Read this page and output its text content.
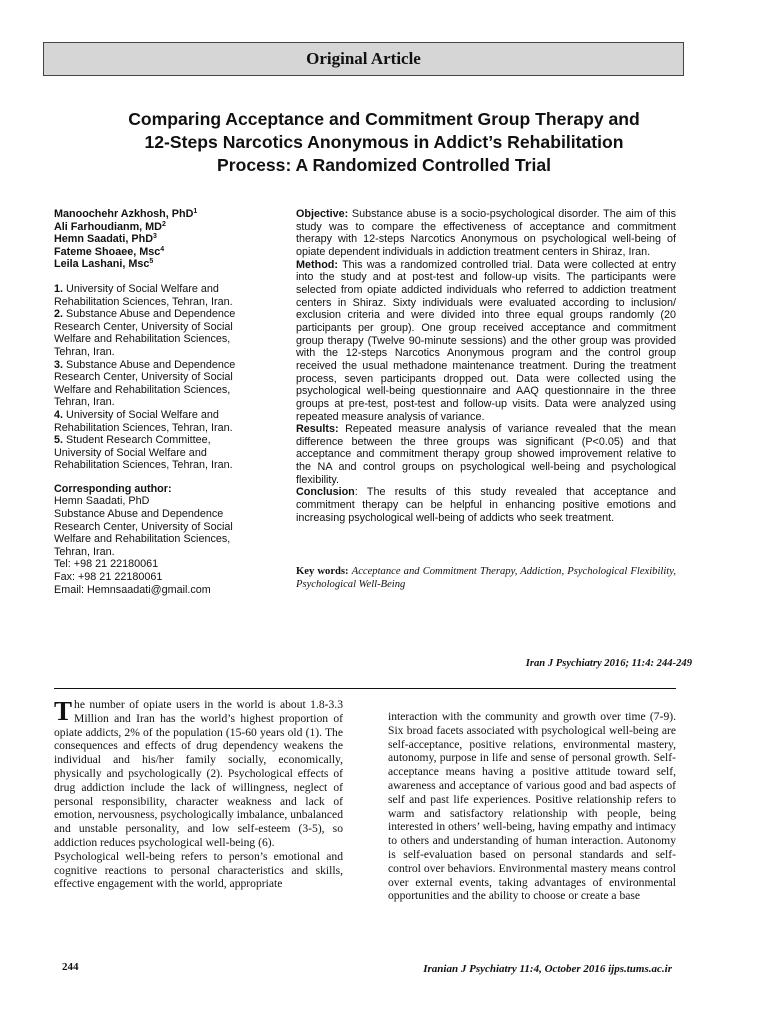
Original Article
Comparing Acceptance and Commitment Group Therapy and
12-Steps Narcotics Anonymous in Addict’s Rehabilitation
Process: A Randomized Controlled Trial
Manoochehr Azkhosh, PhD$^1$
Ali Farhoudianm, $MD^2$
Hemn Saadati, PhD$^3$
Fateme Shoaee, Msc$^4$
Leila Lashani, Msc$^5$
1. University of Social Welfare and Rehabilitation Sciences, Tehran, Iran.
2. Substance Abuse and Dependence Research Center, University of Social Welfare and Rehabilitation Sciences, Tehran, Iran.
3. Substance Abuse and Dependence Research Center, University of Social Welfare and Rehabilitation Sciences, Tehran, Iran.
4. University of Social Welfare and Rehabilitation Sciences, Tehran, Iran.
5. Student Research Committee, University of Social Welfare and Rehabilitation Sciences, Tehran, Iran.
Corresponding author:
Hemn Saadati, PhD
Substance Abuse and Dependence Research Center, University of Social Welfare and Rehabilitation Sciences, Tehran, Iran.
Tel: +98 21 22180061
Fax: +98 21 22180061
Email: Hemnsaadati@gmail.com
Objective: Substance abuse is a socio-psychological disorder. The aim of this study was to compare the effectiveness of acceptance and commitment therapy with 12-steps Narcotics Anonymous on psychological well-being of opiate dependent individuals in addiction treatment centers in Shiraz, Iran.
Method: This was a randomized controlled trial. Data were collected at entry into the study and at post-test and follow-up visits. The participants were selected from opiate addicted individuals who referred to addiction treatment centers in Shiraz. Sixty individuals were evaluated according to inclusion/ exclusion criteria and were divided into three equal groups randomly (20 participants per group). One group received acceptance and commitment group therapy (Twelve 90-minute sessions) and the other group was provided with the 12-steps Narcotics Anonymous program and the control group received the usual methadone maintenance treatment. During the treatment process, seven participants dropped out. Data were collected using the psychological well-being questionnaire and AAQ questionnaire in the three groups at pre-test, post-test and follow-up visits. Data were analyzed using repeated measure analysis of variance.
Results: Repeated measure analysis of variance revealed that the mean difference between the three groups was significant (P<0.05) and that acceptance and commitment therapy group showed improvement relative to the NA and control groups on psychological well-being and psychological flexibility.
Conclusion: The results of this study revealed that acceptance and commitment therapy can be helpful in enhancing positive emotions and increasing psychological well-being of addicts who seek treatment.
Key words: Acceptance and Commitment Therapy, Addiction, Psychological Flexibility, Psychological Well-Being
Iran J Psychiatry 2016; 11:4: 244-249

The number of opiate users in the world is about 1.8-3.3 Million and Iran has the world’s highest proportion of opiate addicts, 2% of the population (15-60 years old (1). The consequences and effects of drug dependency weakens the individual and his/her family socially, economically, physically and psychologically (2). Psychological effects of drug addiction include the lack of willingness, neglect of personal responsibility, character weakness and lack of emotion, nervousness, psychologically imbalance, unbalanced and unstable personality, and low self-esteem (3-5), so addiction reduces psychological well-being (6).

Psychological well-being refers to person’s emotional and cognitive reactions to personal characteristics and skills, effective engagement with the world, appropriate

interaction with the community and growth over time (7-9). Six broad facets associated with psychological well-being are self-acceptance, positive relations, environmental mastery, autonomy, purpose in life and sense of personal growth. Self-acceptance means having a positive attitude toward self, awareness and acceptance of various good and bad aspects of self and past life experiences. Positive relationship refers to warm and satisfactory relationship with people, being interested in others’ well-being, having empathy and intimacy to others and understanding of human interaction. Autonomy is self-evaluation based on personal standards and self-control over behaviors. Environmental mastery means control over external events, taking advantages of environmental opportunities and the ability to choose or create a base

244	Iranian J Psychiatry 11:4, October 2016 ijps.tums.ac.ir
